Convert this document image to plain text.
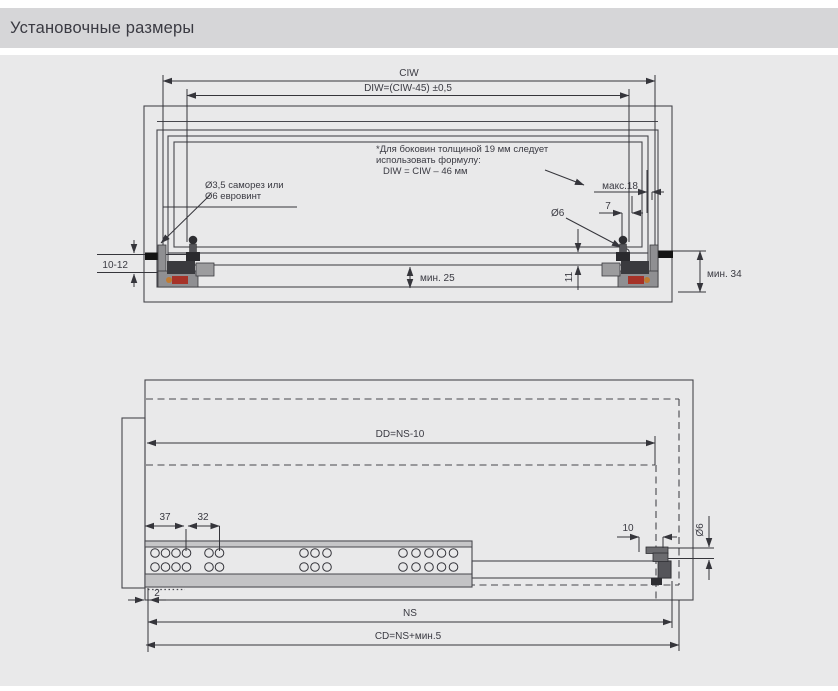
Установочные размеры
CIW
DIW=(CIW-45) ±0,5
*Для боковин толщиной 19 мм следует
использовать формулу:
DIW = CIW – 46 мм
Ø3,5 саморез или
Ø6 евровинт
макс.18
7
Ø6
11	мин. 34
мин. 25
10-12
DD=NS-10
37	32
2
10	Ø6
NS
CD=NS+мин.5
